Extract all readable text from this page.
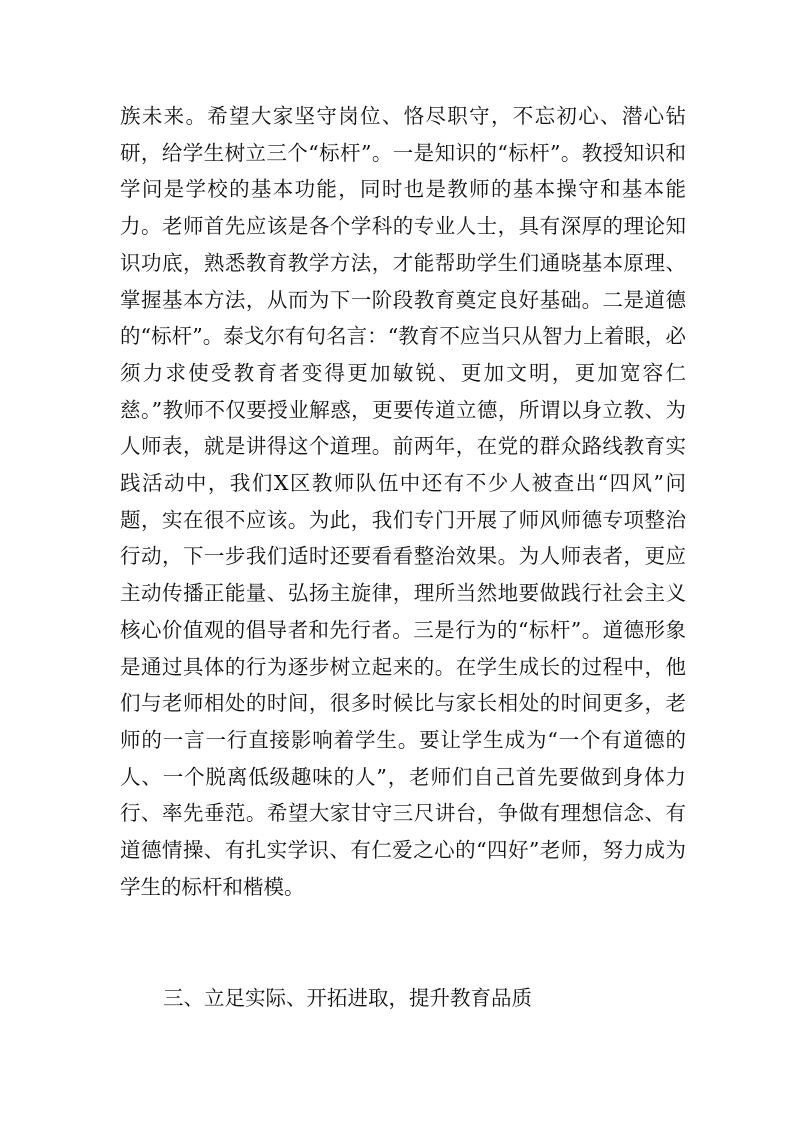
族未来。希望大家坚守岗位、恪尽职守，不忘初心、潜心钻研，给学生树立三个“标杆”。一是知识的“标杆”。教授知识和学问是学校的基本功能，同时也是教师的基本操守和基本能力。老师首先应该是各个学科的专业人士，具有深厚的理论知识功底，熟悉教育教学方法，才能帮助学生们通晓基本原理、掌握基本方法，从而为下一阶段教育奠定良好基础。二是道德的“标杆”。泰戈尔有句名言：“教育不应当只从智力上着眼，必须力求使受教育者变得更加敏锐、更加文明，更加宽容仁慈。”教师不仅要授业解惑，更要传道立德，所谓以身立教、为人师表，就是讲得这个道理。前两年，在党的群众路线教育实践活动中，我们X区教师队伍中还有不少人被查出“四风”问题，实在很不应该。为此，我们专门开展了师风师德专项整治行动，下一步我们适时还要看看整治效果。为人师表者，更应主动传播正能量、弘扬主旋律，理所当然地要做践行社会主义核心价值观的倡导者和先行者。三是行为的“标杆”。道德形象是通过具体的行为逐步树立起来的。在学生成长的过程中，他们与老师相处的时间，很多时候比与家长相处的时间更多，老师的一言一行直接影响着学生。要让学生成为“一个有道德的人、一个脱离低级趣味的人”，老师们自己首先要做到身体力行、率先垂范。希望大家甘守三尺讲台，争做有理想信念、有道德情操、有扎实学识、有仁爱之心的“四好”老师，努力成为学生的标杆和楷模。

三、立足实际、开拓进取，提升教育品质
